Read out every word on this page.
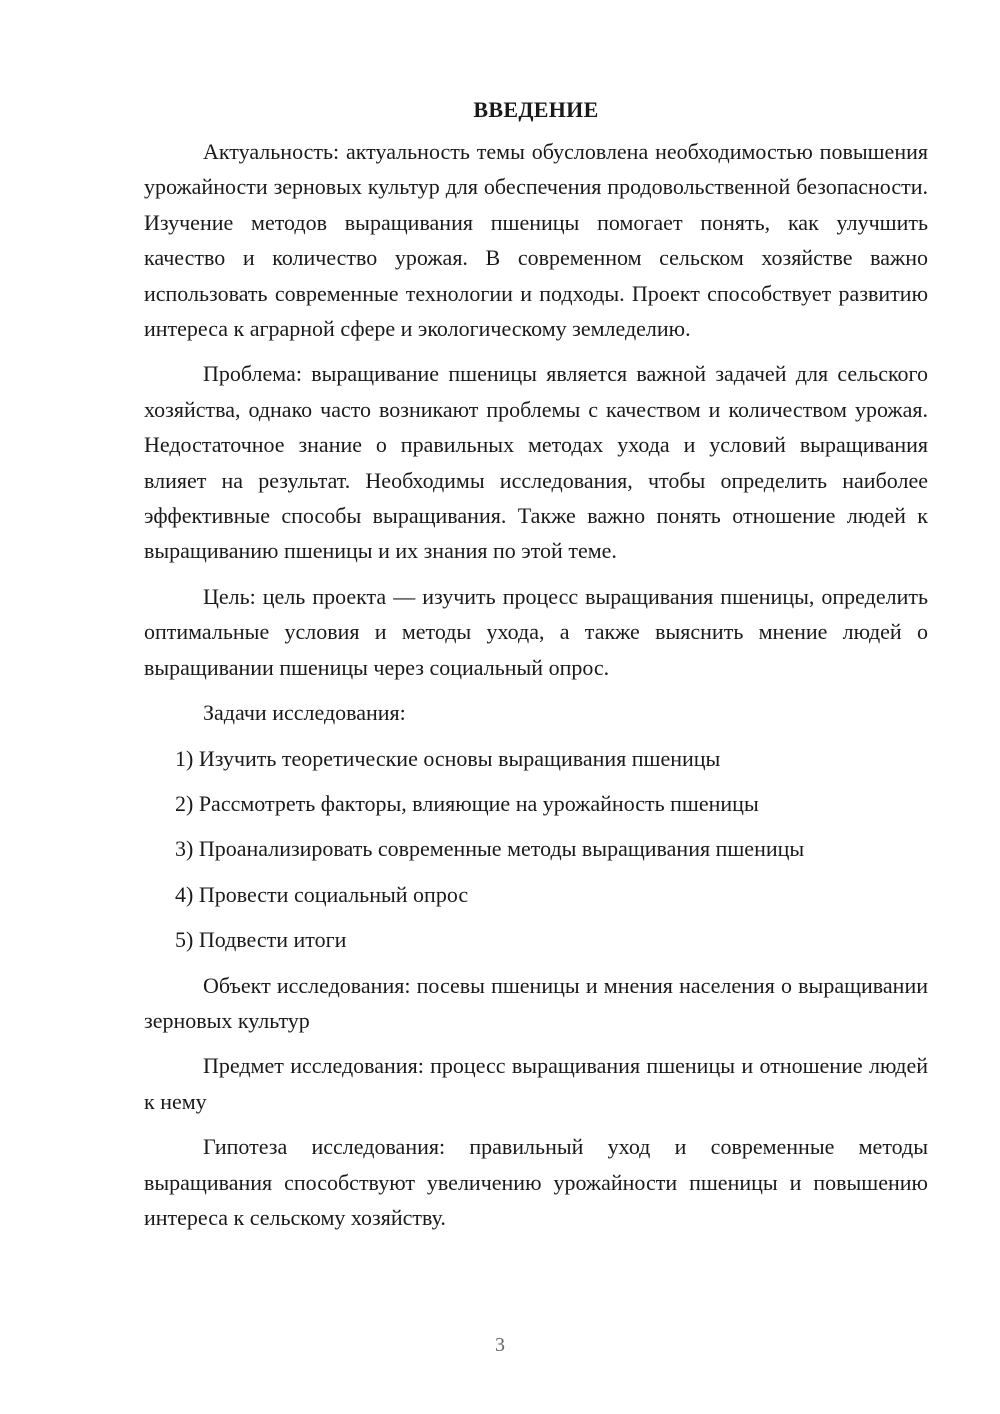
ВВЕДЕНИЕ

Актуальность: актуальность темы обусловлена необходимостью повышения урожайности зерновых культур для обеспечения продовольственной безопасности. Изучение методов выращивания пшеницы помогает понять, как улучшить качество и количество урожая. В современном сельском хозяйстве важно использовать современные технологии и подходы. Проект способствует развитию интереса к аграрной сфере и экологическому земледелию.

Проблема: выращивание пшеницы является важной задачей для сельского хозяйства, однако часто возникают проблемы с качеством и количеством урожая. Недостаточное знание о правильных методах ухода и условий выращивания влияет на результат. Необходимы исследования, чтобы определить наиболее эффективные способы выращивания. Также важно понять отношение людей к выращиванию пшеницы и их знания по этой теме.

Цель: цель проекта — изучить процесс выращивания пшеницы, определить оптимальные условия и методы ухода, а также выяснить мнение людей о выращивании пшеницы через социальный опрос.

Задачи исследования:

1) Изучить теоретические основы выращивания пшеницы
2) Рассмотреть факторы, влияющие на урожайность пшеницы
3) Проанализировать современные методы выращивания пшеницы
4) Провести социальный опрос
5) Подвести итоги

Объект исследования: посевы пшеницы и мнения населения о выращивании зерновых культур

Предмет исследования: процесс выращивания пшеницы и отношение людей к нему

Гипотеза исследования: правильный уход и современные методы выращивания способствуют увеличению урожайности пшеницы и повышению интереса к сельскому хозяйству.

3
